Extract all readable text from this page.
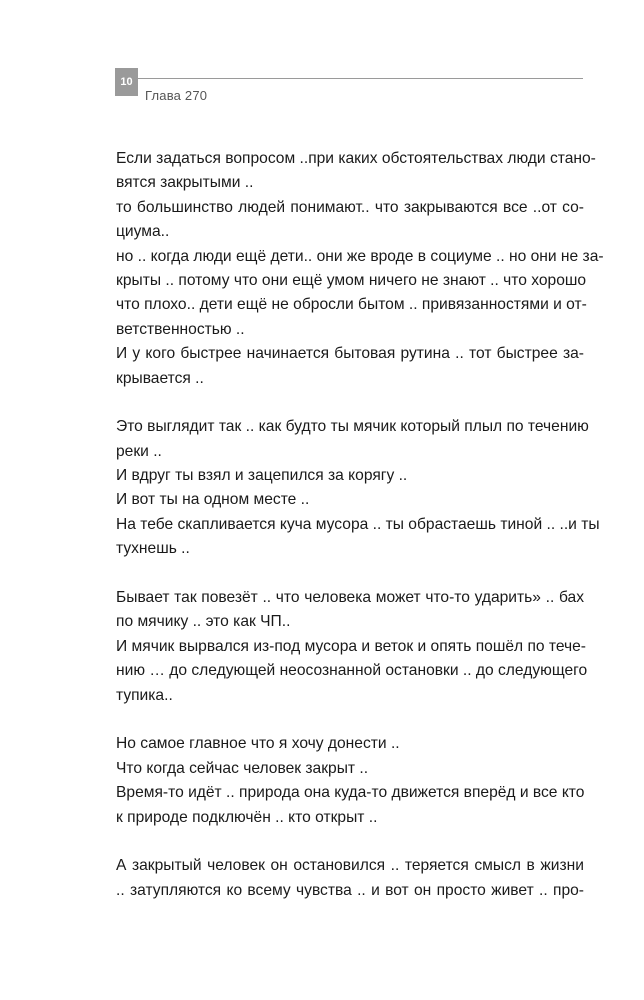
10
Глава 270
Если задаться вопросом ..при каких обстоятельствах люди стано-
вятся закрытыми ..
то большинство людей понимают.. что закрываются все ..от со-
циума..
но .. когда люди ещё дети.. они же вроде в социуме .. но они не за-
крыты .. потому что они ещё умом ничего не знают .. что хорошо
что плохо.. дети ещё не обросли бытом .. привязанностями и от-
ветственностью ..
И у кого быстрее начинается бытовая рутина .. тот быстрее за-
крывается ..
Это выглядит так .. как будто ты мячик который плыл по течению
реки ..
И вдруг ты взял и зацепился за корягу ..
И вот ты на одном месте ..
На тебе скапливается куча мусора .. ты обрастаешь тиной .. ..и ты
тухнешь ..
Бывает так повезёт .. что человека может что-то ударить» .. бах
по мячику .. это как ЧП..
И мячик вырвался из-под мусора и веток и опять пошёл по тече-
нию … до следующей неосознанной остановки .. до следующего
тупика..
Но самое главное что я хочу донести ..
Что когда сейчас человек закрыт ..
Время-то идёт .. природа она куда-то движется вперёд и все кто
к природе подключён .. кто открыт ..
А закрытый человек он остановился .. теряется смысл в жизни
.. затупляются ко всему чувства .. и вот он просто живет .. про-
